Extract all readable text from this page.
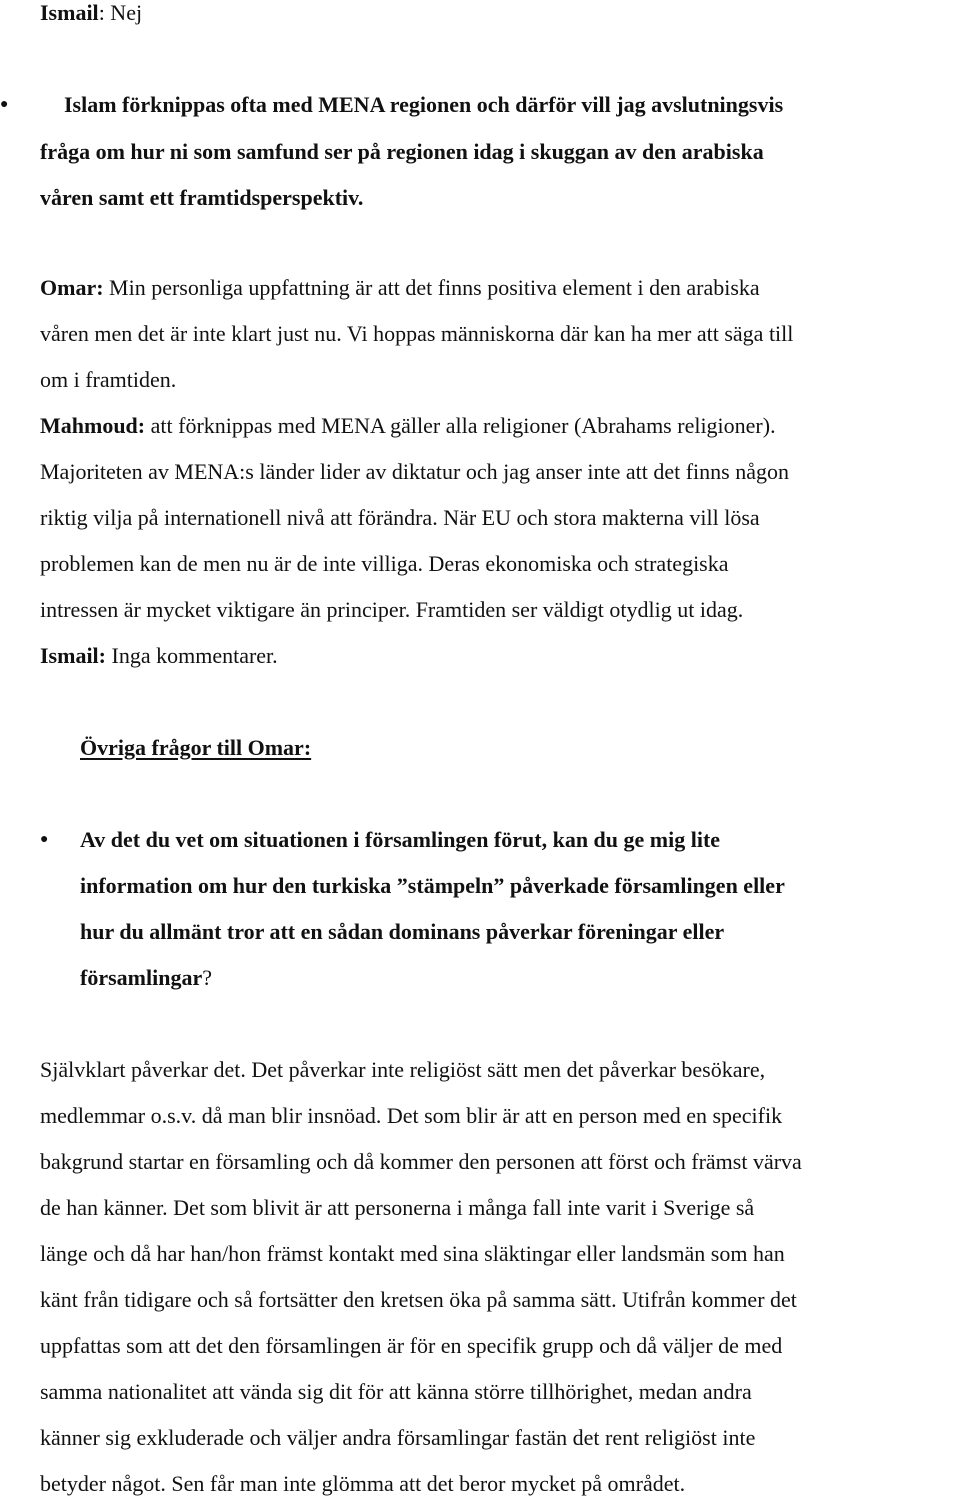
Ismail: Nej
●	Islam förknippas ofta med MENA regionen och därför vill jag avslutningsvis
fråga om hur ni som samfund ser på regionen idag i skuggan av den arabiska
våren samt ett framtidsperspektiv.
Omar: Min personliga uppfattning är att det finns positiva element i den arabiska
våren men det är inte klart just nu. Vi hoppas människorna där kan ha mer att säga till
om i framtiden.
Mahmoud: att förknippas med MENA gäller alla religioner (Abrahams religioner).
Majoriteten av MENA:s länder lider av diktatur och jag anser inte att det finns någon
riktig vilja på internationell nivå att förändra. När EU och stora makterna vill lösa
problemen kan de men nu är de inte villiga. Deras ekonomiska och strategiska
intressen är mycket viktigare än principer. Framtiden ser väldigt otydlig ut idag.
Ismail: Inga kommentarer.
Övriga frågor till Omar:
● Av det du vet om situationen i församlingen förut, kan du ge mig lite
information om hur den turkiska ”stämpeln” påverkade församlingen eller
hur du allmänt tror att en sådan dominans påverkar föreningar eller
församlingar?
Självklart påverkar det. Det påverkar inte religiöst sätt men det påverkar besökare,
medlemmar o.s.v. då man blir insnöad. Det som blir är att en person med en specifik
bakgrund startar en församling och då kommer den personen att först och främst värva
de han känner. Det som blivit är att personerna i många fall inte varit i Sverige så
länge och då har han/hon främst kontakt med sina släktingar eller landsmän som han
känt från tidigare och så fortsätter den kretsen öka på samma sätt. Utifrån kommer det
uppfattas som att det den församlingen är för en specifik grupp och då väljer de med
samma nationalitet att vända sig dit för att känna större tillhörighet, medan andra
känner sig exkluderade och väljer andra församlingar fastän det rent religiöst inte
betyder något. Sen får man inte glömma att det beror mycket på området.
